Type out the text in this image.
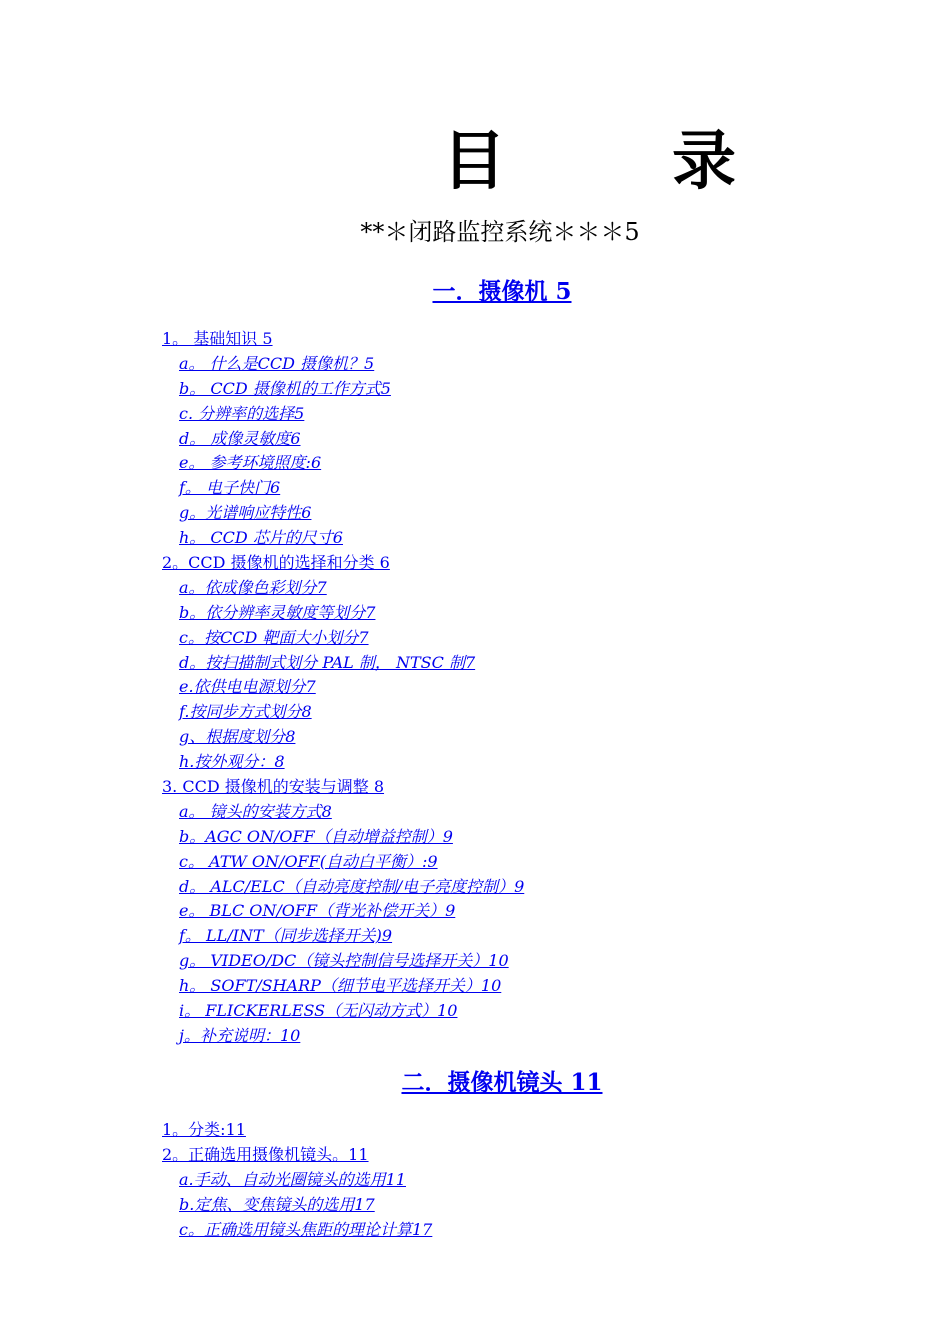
目	录
**＊闭路监控系统＊＊＊5
一．摄像机 5
1。 基础知识 5
a。 什么是CCD 摄像机？5
b。 CCD 摄像机的工作方式5
c. 分辨率的选择5
d。 成像灵敏度6
e。 参考环境照度:6
f。 电子快门6
g。光谱响应特性6
h。 CCD 芯片的尺寸6
2。CCD 摄像机的选择和分类 6
a。依成像色彩划分7
b。依分辨率灵敏度等划分7
c。按CCD 靶面大小划分7
d。按扫描制式划分 PAL 制， NTSC 制7
e.依供电电源划分7
f.按同步方式划分8
g、根据度划分8
h.按外观分：8
3. CCD 摄像机的安装与调整 8
a。 镜头的安装方式8
b。AGC ON/OFF（自动增益控制）9
c。 ATW ON/OFF(自动白平衡）:9
d。 ALC/ELC（自动亮度控制/电子亮度控制）9
e。 BLC ON/OFF（背光补偿开关）9
f。 LL/INT（同步选择开关)9
g。 VIDEO/DC（镜头控制信号选择开关）10
h。 SOFT/SHARP（细节电平选择开关）10
i。 FLICKERLESS（无闪动方式）10
j。补充说明：10
二．摄像机镜头 11
1。分类:11
2。正确选用摄像机镜头。11
a.手动、自动光圈镜头的选用11
b.定焦、变焦镜头的选用17
c。正确选用镜头焦距的理论计算17
